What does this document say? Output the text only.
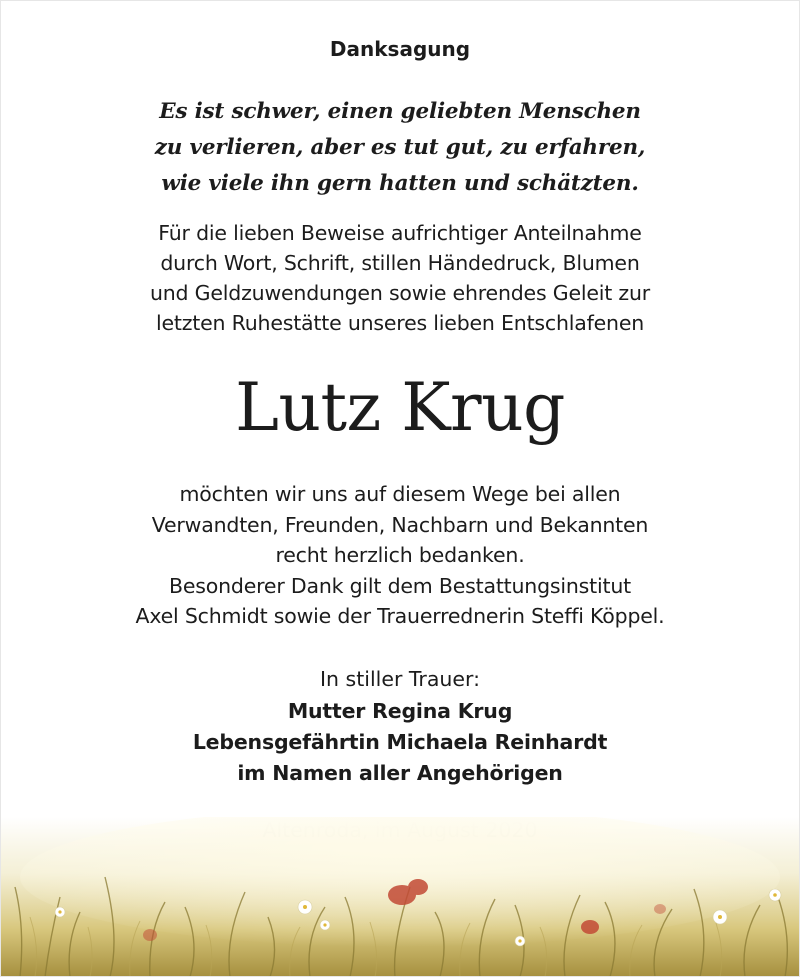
Danksagung
Es ist schwer, einen geliebten Menschen
zu verlieren, aber es tut gut, zu erfahren,
wie viele ihn gern hatten und schätzten.
Für die lieben Beweise aufrichtiger Anteilnahme
durch Wort, Schrift, stillen Händedruck, Blumen
und Geldzuwendungen sowie ehrendes Geleit zur
letzten Ruhestätte unseres lieben Entschlafenen
Lutz Krug
möchten wir uns auf diesem Wege bei allen
Verwandten, Freunden, Nachbarn und Bekannten
recht herzlich bedanken.
Besonderer Dank gilt dem Bestattungsinstitut
Axel Schmidt sowie der Trauerrednerin Steffi Köppel.
In stiller Trauer:
Mutter Regina Krug
Lebensgefährtin Michaela Reinhardt
im Namen aller Angehörigen
